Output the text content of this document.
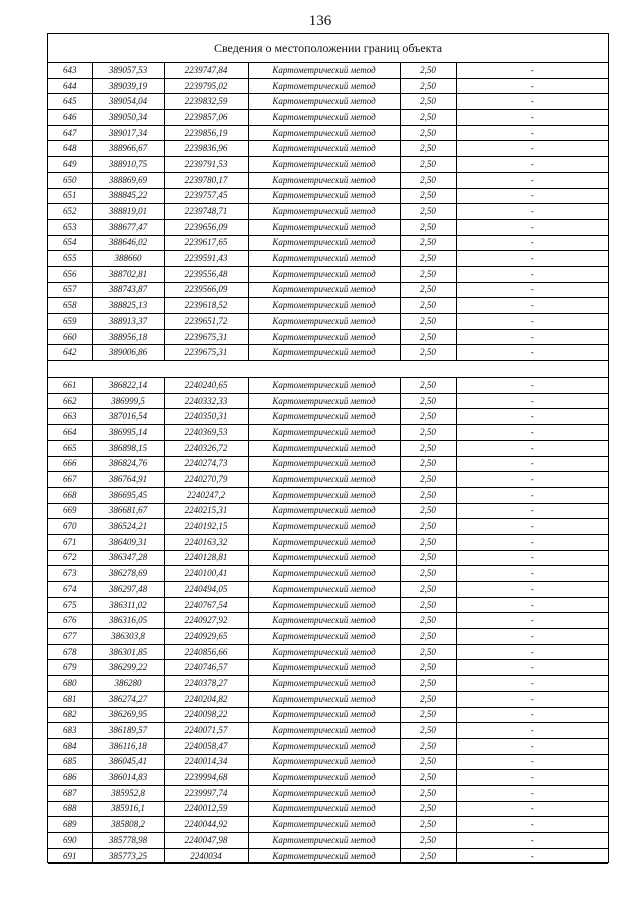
136
Сведения о местоположении границ объекта
643	389057,53	2239747,84	Картометрический метод	2,50	-
644	389039,19	2239795,02	Картометрический метод	2,50	-
645	389054,04	2239832,59	Картометрический метод	2,50	-
646	389050,34	2239857,06	Картометрический метод	2,50	-
647	389017,34	2239856,19	Картометрический метод	2,50	-
648	388966,67	2239836,96	Картометрический метод	2,50	-
649	388910,75	2239791,53	Картометрический метод	2,50	-
650	388869,69	2239780,17	Картометрический метод	2,50	-
651	388845,22	2239757,45	Картометрический метод	2,50	-
652	388819,01	2239748,71	Картометрический метод	2,50	-
653	388677,47	2239656,09	Картометрический метод	2,50	-
654	388646,02	2239617,65	Картометрический метод	2,50	-
655	388660	2239591,43	Картометрический метод	2,50	-
656	388702,81	2239556,48	Картометрический метод	2,50	-
657	388743,87	2239566,09	Картометрический метод	2,50	-
658	388825,13	2239618,52	Картометрический метод	2,50	-
659	388913,37	2239651,72	Картометрический метод	2,50	-
660	388956,18	2239675,31	Картометрический метод	2,50	-
642	389006,86	2239675,31	Картометрический метод	2,50	-

661	386822,14	2240240,65	Картометрический метод	2,50	-
662	386999,5	2240332,33	Картометрический метод	2,50	-
663	387016,54	2240350,31	Картометрический метод	2,50	-
664	386995,14	2240369,53	Картометрический метод	2,50	-
665	386898,15	2240326,72	Картометрический метод	2,50	-
666	386824,76	2240274,73	Картометрический метод	2,50	-
667	386764,91	2240270,79	Картометрический метод	2,50	-
668	386695,45	2240247,2	Картометрический метод	2,50	-
669	386681,67	2240215,31	Картометрический метод	2,50	-
670	386524,21	2240192,15	Картометрический метод	2,50	-
671	386409,31	2240163,32	Картометрический метод	2,50	-
672	386347,28	2240128,81	Картометрический метод	2,50	-
673	386278,69	2240100,41	Картометрический метод	2,50	-
674	386297,48	2240494,05	Картометрический метод	2,50	-
675	386311,02	2240767,54	Картометрический метод	2,50	-
676	386316,05	2240927,92	Картометрический метод	2,50	-
677	386303,8	2240929,65	Картометрический метод	2,50	-
678	386301,85	2240856,66	Картометрический метод	2,50	-
679	386299,22	2240746,57	Картометрический метод	2,50	-
680	386280	2240378,27	Картометрический метод	2,50	-
681	386274,27	2240204,82	Картометрический метод	2,50	-
682	386269,95	2240098,22	Картометрический метод	2,50	-
683	386189,57	2240071,57	Картометрический метод	2,50	-
684	386116,18	2240058,47	Картометрический метод	2,50	-
685	386045,41	2240014,34	Картометрический метод	2,50	-
686	386014,83	2239994,68	Картометрический метод	2,50	-
687	385952,8	2239997,74	Картометрический метод	2,50	-
688	385916,1	2240012,59	Картометрический метод	2,50	-
689	385808,2	2240044,92	Картометрический метод	2,50	-
690	385778,98	2240047,98	Картометрический метод	2,50	-
691	385773,25	2240034	Картометрический метод	2,50	-
